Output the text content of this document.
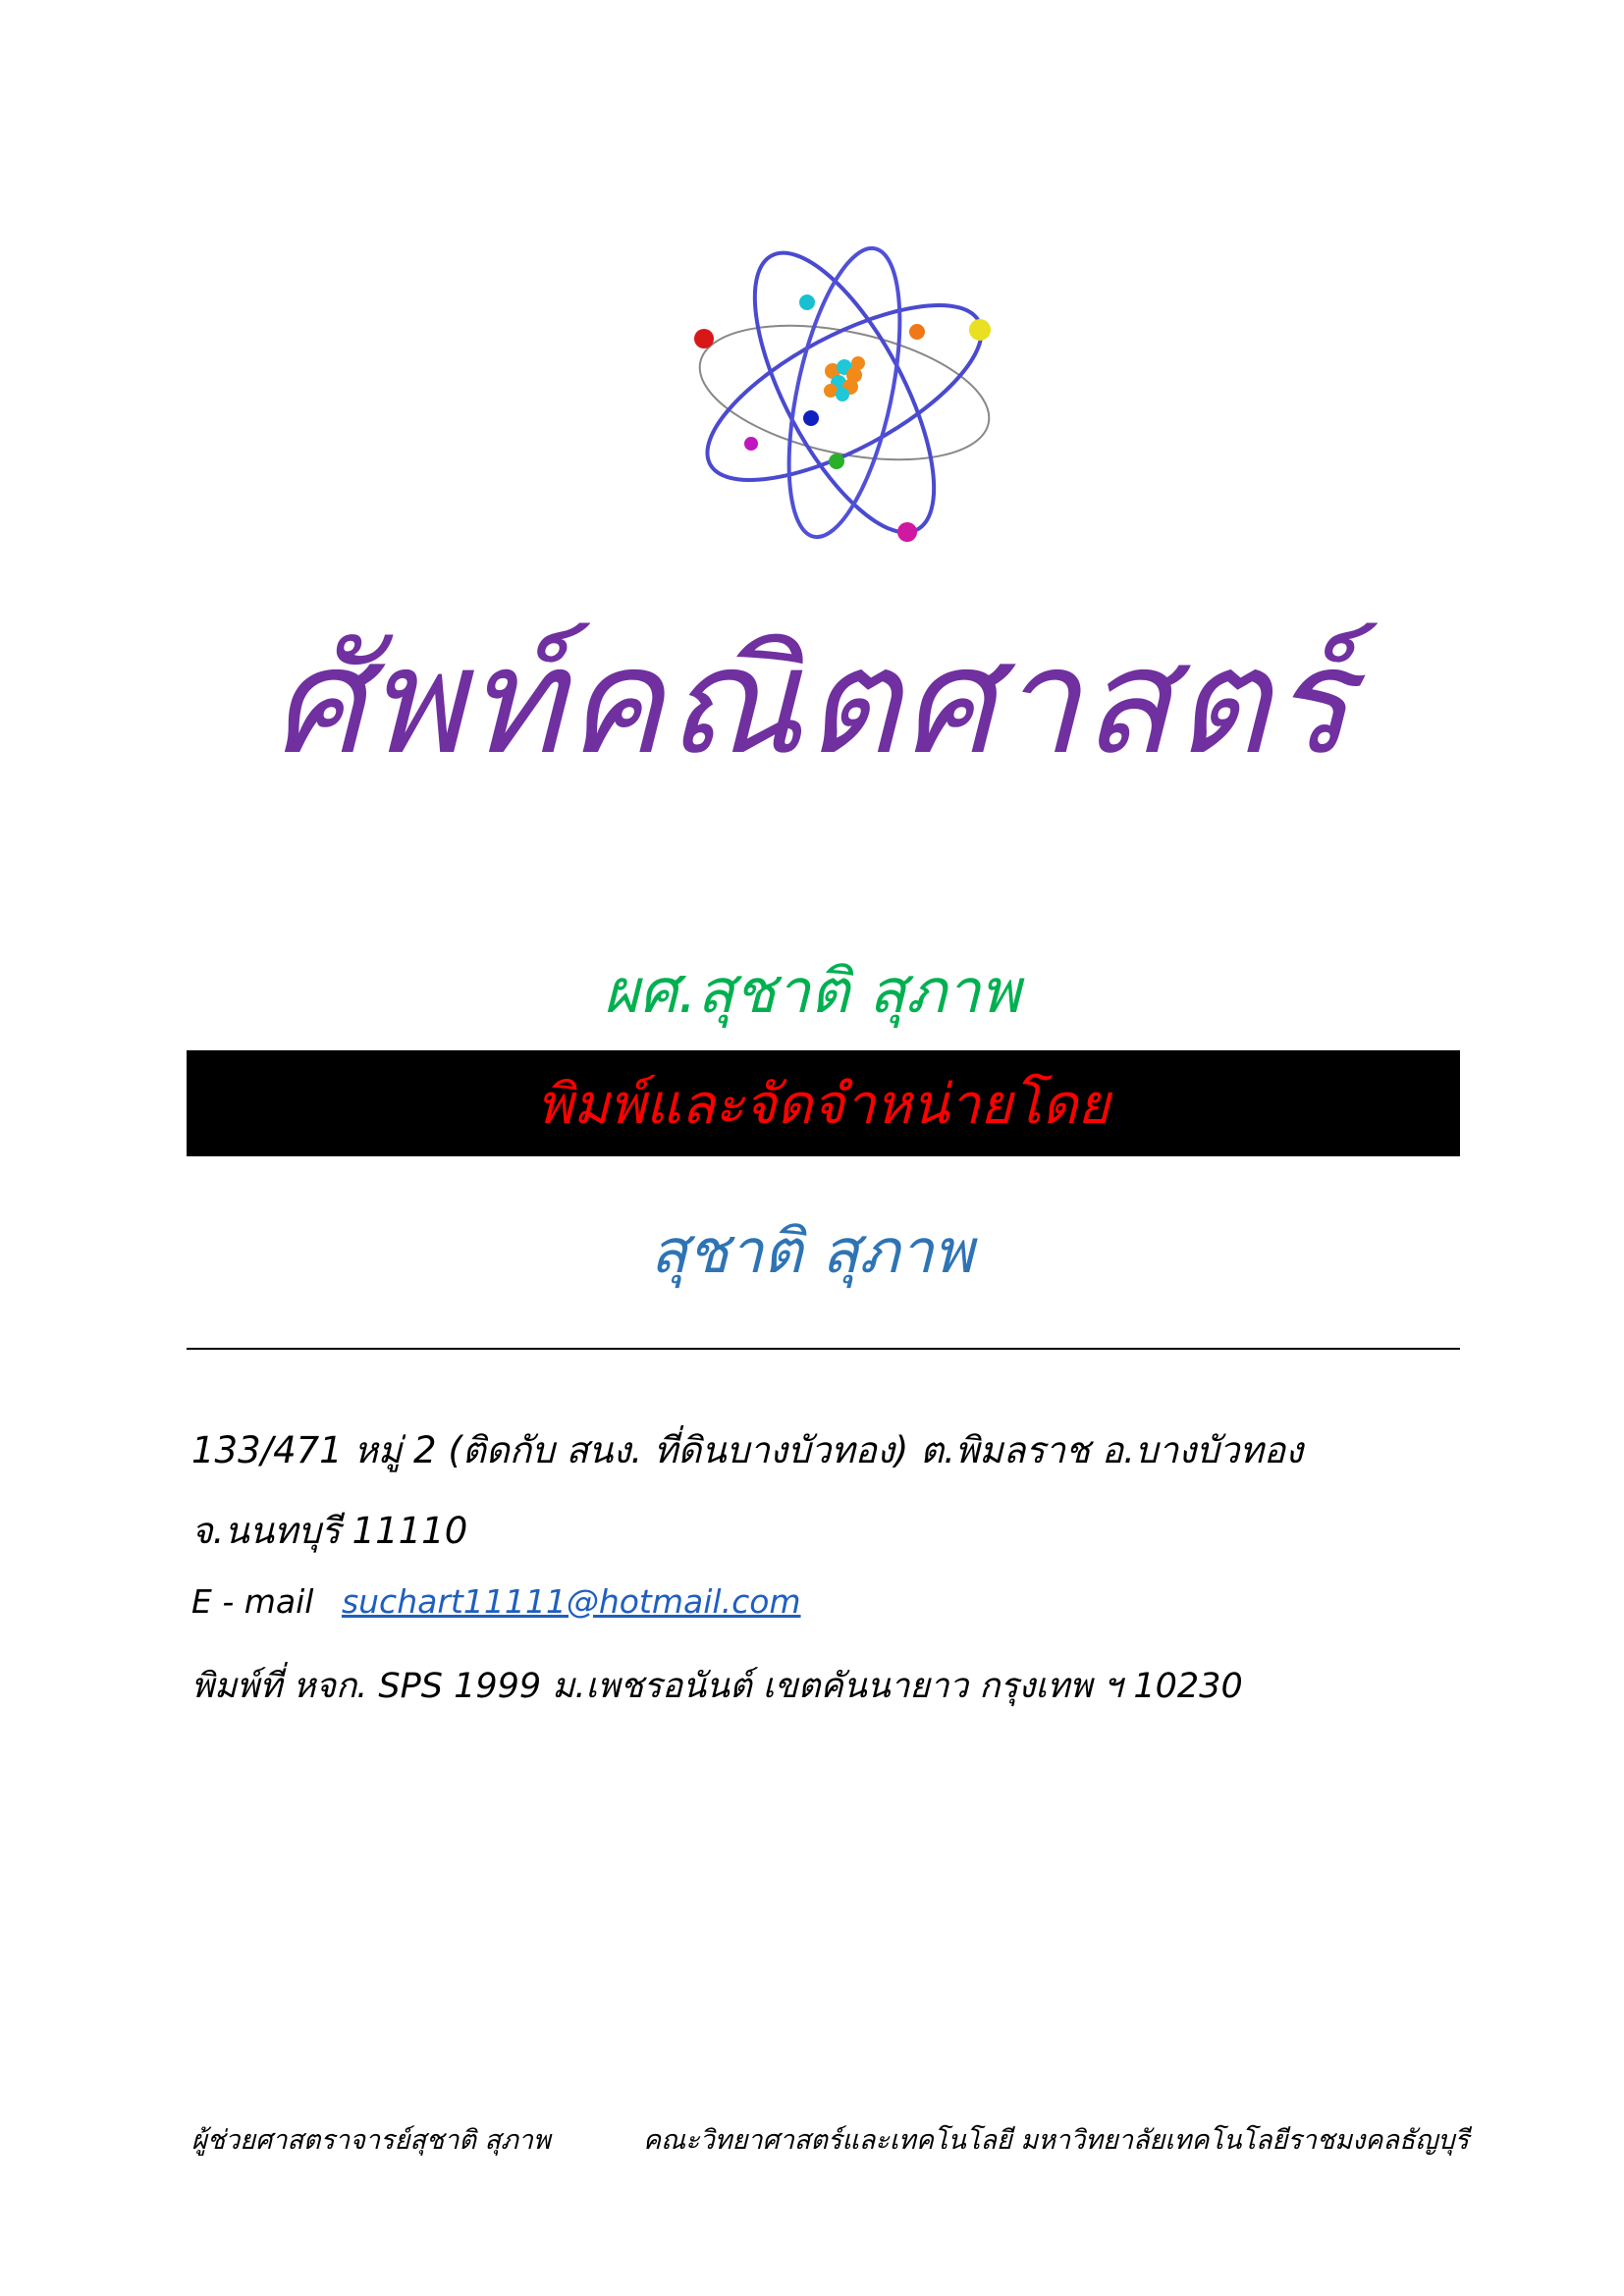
ศัพท์คณิตศาสตร์
ผศ.สุชาติ สุภาพ
พิมพ์และจัดจำหน่ายโดย
สุชาติ สุภาพ
133/471 หมู่ 2 (ติดกับ สนง. ที่ดินบางบัวทอง) ต.พิมลราช อ.บางบัวทอง
จ.นนทบุรี 11110
E - mail suchart11111@hotmail.com
พิมพ์ที่ หจก. SPS 1999 ม.เพชรอนันต์ เขตคันนายาว กรุงเทพ ฯ 10230
ผู้ช่วยศาสตราจารย์สุชาติ สุภาพ	คณะวิทยาศาสตร์และเทคโนโลยี มหาวิทยาลัยเทคโนโลยีราชมงคลธัญบุรี
